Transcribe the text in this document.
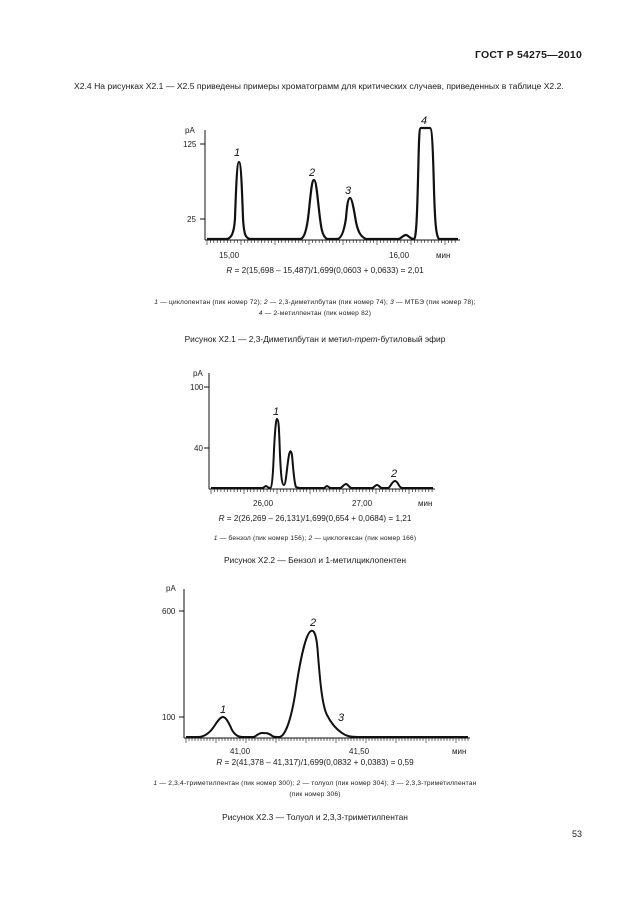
ГОСТ Р 54275—2010
X2.4 На рисунках X2.1 — X2.5 приведены примеры хроматограмм для критических случаев, приведенных в таблице X2.2.
pA
125
25
15,00	16,00	мин
1
2
3
4
R = 2(15,698 – 15,487)/1,699(0,0603 + 0,0633) = 2,01
1 — циклопентан (пик номер 72); 2 — 2,3-диметилбутан (пик номер 74); 3 — МТБЭ (пик номер 78);
4 — 2-метилпентан (пик номер 82)
Рисунок X2.1 — 2,3-Диметилбутан и метил-трет-бутиловый эфир
pA
100
40
26,00	27,00	мин
1
2
R = 2(26,269 – 26,131)/1,699(0,654 + 0,0684) = 1,21
1 — бензол (пик номер 156); 2 — циклогексан (пик номер 166)
Рисунок X2.2 — Бензол и 1-метилциклопентен
pA
600
100
41,00	41,50	мин
1
2
3
R = 2(41,378 – 41,317)/1,699(0,0832 + 0,0383) = 0,59
1 — 2,3,4-триметилпентан (пик номер 300); 2 — толуол (пик номер 304); 3 — 2,3,3-триметилпентан
(пик номер 306)
Рисунок X2.3 — Толуол и 2,3,3-триметилпентан
53
